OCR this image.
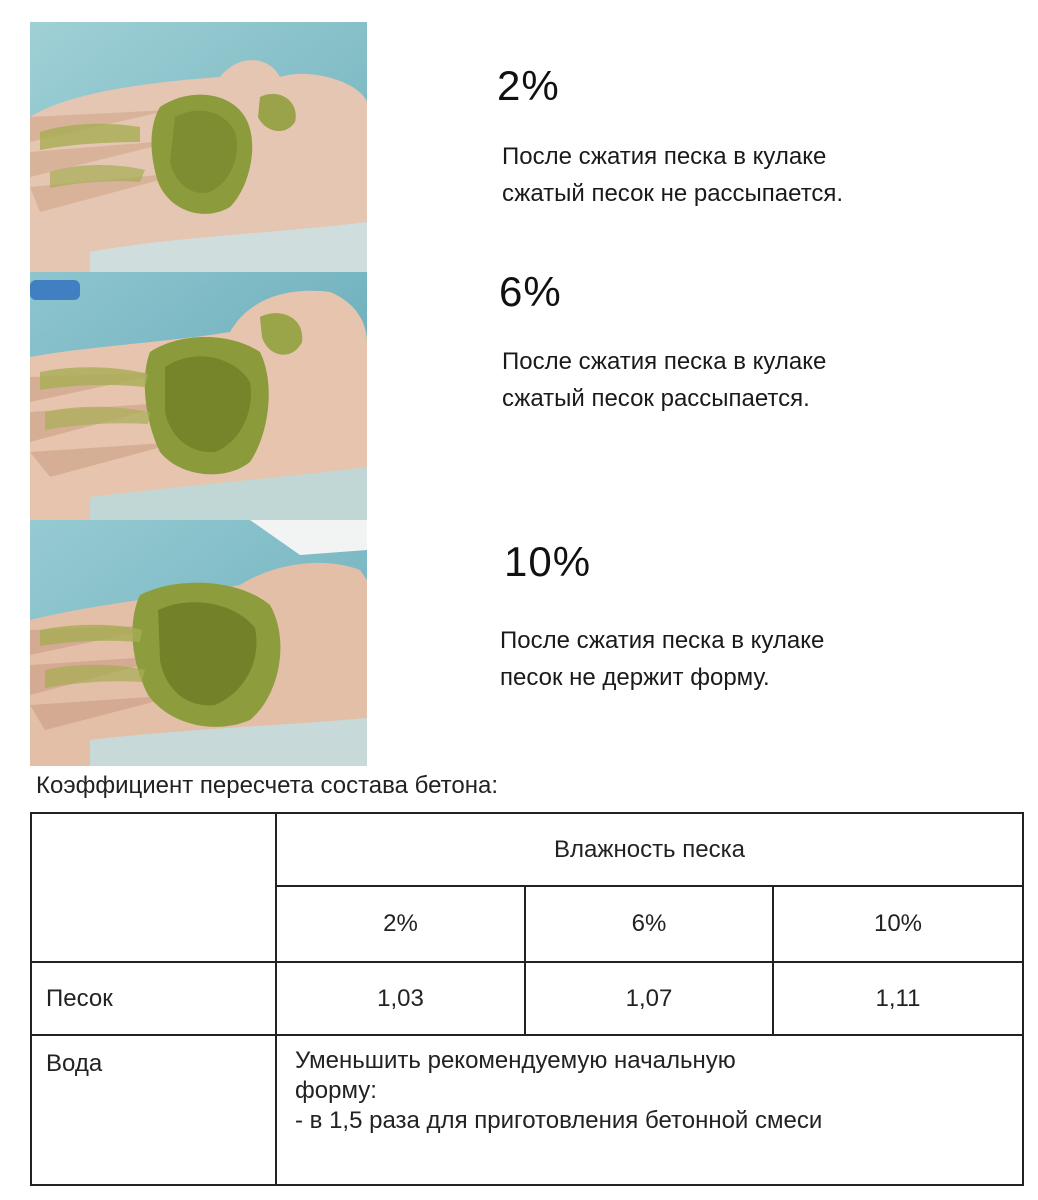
2%
После сжатия песка в кулаке
сжатый песок не рассыпается.
6%
После сжатия песка в кулаке
сжатый песок рассыпается.
10%
После сжатия песка в кулаке
песок не держит форму.
Коэффициент пересчета состава бетона:
	Влажность песка		
	2%	6%	10%
Песок	1,03	1,07	1,11
Вода	Уменьшить рекомендуемую начальную
форму:
- в 1,5 раза для приготовления бетонной смеси		
